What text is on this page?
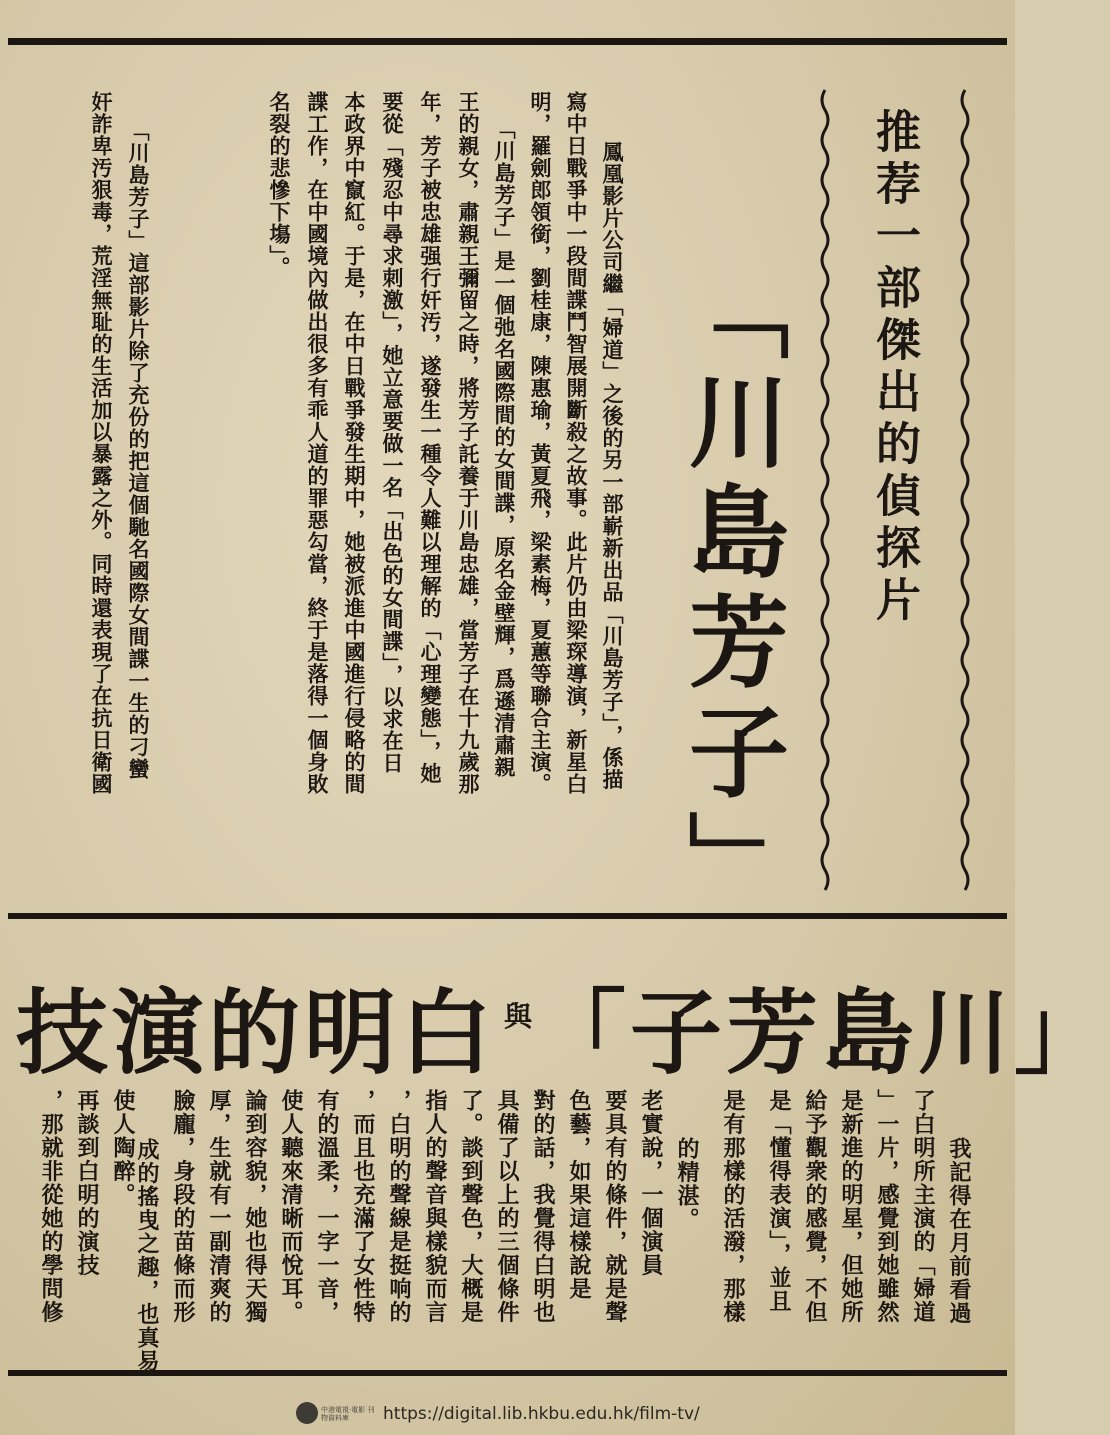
推荐一部傑出的偵探片
「川島芳子」
鳳凰影片公司繼「婦道」之後的另一部嶄新出品「川島芳子」，係描
寫中日戰爭中一段間諜鬥智展開斷殺之故事。此片仍由梁琛導演，新星白
明，羅劍郎領銜，劉桂康，陳惠瑜，黃夏飛，梁素梅，夏蕙等聯合主演。
「川島芳子」是一個弛名國際間的女間諜，原名金壁輝，爲遜清肅親
王的親女，肅親王彌留之時，將芳子託養于川島忠雄，當芳子在十九歲那
年，芳子被忠雄强行奸汚，遂發生一種令人難以理解的「心理變態」，她
要從「殘忍中尋求刺激」，她立意要做一名「出色的女間諜」，以求在日
本政界中竄紅。于是，在中日戰爭發生期中，她被派進中國進行侵略的間
諜工作，在中國境內做出很多有乖人道的罪惡勾當，終于是落得一個身敗
名裂的悲慘下塲」。
「川島芳子」這部影片除了充份的把這個馳名國際女間諜一生的刁蠻
奸詐卑汚狠毒，荒淫無耻的生活加以暴露之外。同時還表現了在抗日衛國
技演的明白 與 「子芳島川」
我記得在月前看過
了白明所主演的「婦道
」一片，感覺到她雖然
是新進的明星，但她所
給予觀衆的感覺，不但
是「懂得表演」，並且
是有那樣的活潑，那樣
的精湛。
老實說，一個演員
要具有的條件，就是聲
色藝，如果這樣說是
對的話，我覺得白明也
具備了以上的三個條件
了。談到聲色，大概是
指人的聲音與樣貌而言
，白明的聲線是挺响的
，而且也充滿了女性特
有的溫柔，一字一音，
使人聽來清晰而悅耳。
論到容貌，她也得天獨
厚，生就有一副清爽的
臉龐，身段的苗條而形
成的搖曳之趣，也真易
使人陶醉。
再談到白明的演技
，那就非從她的學問修
中港電視·電影 刊物資料庫	https://digital.lib.hkbu.edu.hk/film-tv/
